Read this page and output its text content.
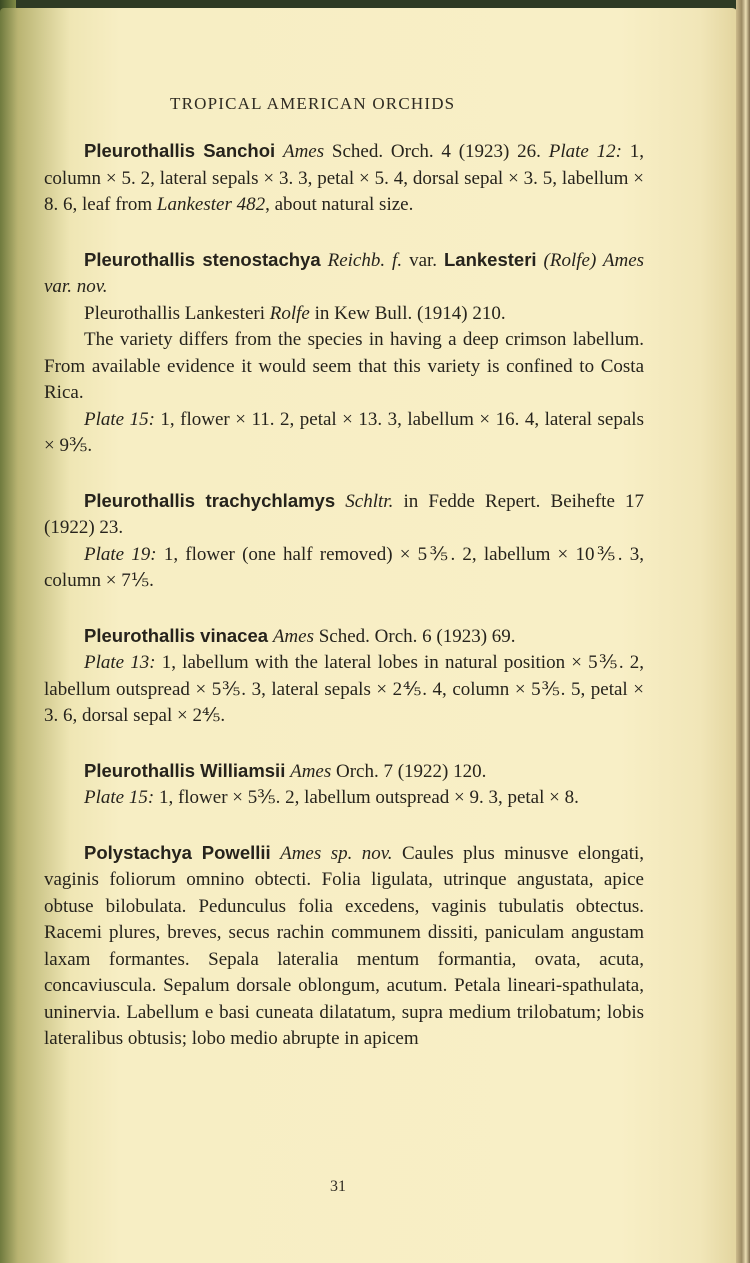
TROPICAL AMERICAN ORCHIDS

Pleurothallis Sanchoi Ames Sched. Orch. 4 (1923) 26. Plate 12: 1, column × 5. 2, lateral sepals × 3. 3, petal × 5. 4, dorsal sepal × 3. 5, labellum × 8. 6, leaf from Lankester 482, about natural size.

Pleurothallis stenostachya Reichb. f. var. Lankesteri (Rolfe) Ames var. nov.

Pleurothallis Lankesteri Rolfe in Kew Bull. (1914) 210.

The variety differs from the species in having a deep crimson labellum. From available evidence it would seem that this variety is confined to Costa Rica.

Plate 15: 1, flower × 11. 2, petal × 13. 3, labellum × 16. 4, lateral sepals × 9⅗.

Pleurothallis trachychlamys Schltr. in Fedde Repert. Beihefte 17 (1922) 23.

Plate 19: 1, flower (one half removed) × 5⅗. 2, labellum × 10⅗. 3, column × 7⅕.

Pleurothallis vinacea Ames Sched. Orch. 6 (1923) 69.

Plate 13: 1, labellum with the lateral lobes in natural position × 5⅗. 2, labellum outspread × 5⅗. 3, lateral sepals × 2⅘. 4, column × 5⅗. 5, petal × 3. 6, dorsal sepal × 2⅘.

Pleurothallis Williamsii Ames Orch. 7 (1922) 120.

Plate 15: 1, flower × 5⅗. 2, labellum outspread × 9. 3, petal × 8.

Polystachya Powellii Ames sp. nov. Caules plus minusve elongati, vaginis foliorum omnino obtecti. Folia ligulata, utrinque angustata, apice obtuse bilobulata. Pedunculus folia excedens, vaginis tubulatis obtectus. Racemi plures, breves, secus rachin communem dissiti, paniculam angustam laxam formantes. Sepala lateralia mentum formantia, ovata, acuta, concaviuscula. Sepalum dorsale oblongum, acutum. Petala lineari-spathulata, uninervia. Labellum e basi cuneata dilatatum, supra medium trilobatum; lobis lateralibus obtusis; lobo medio abrupte in apicem

31
